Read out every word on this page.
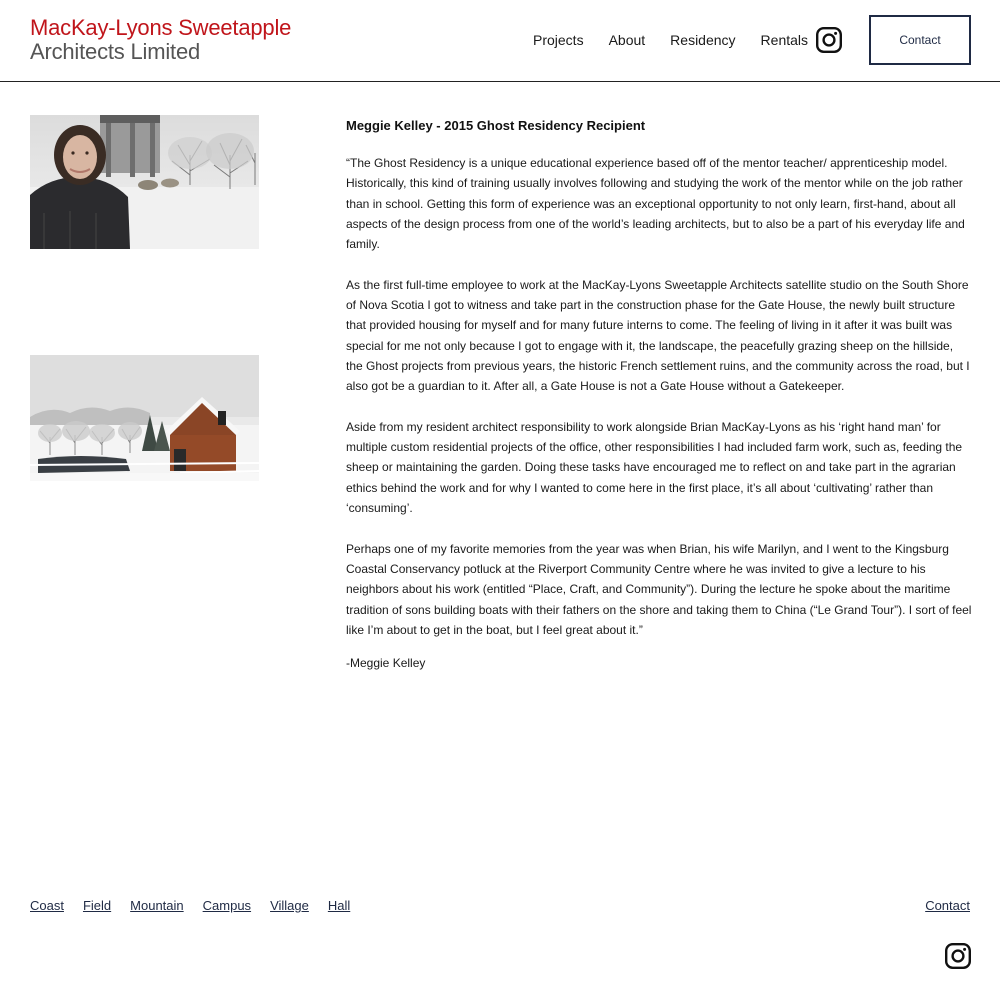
MacKay-Lyons Sweetapple
Architects Limited	Projects About Residency Rentals	Contact
Meggie Kelley - 2015 Ghost Residency Recipient

“The Ghost Residency is a unique educational experience based off of the mentor teacher/ apprenticeship model. Historically, this kind of training usually involves following and studying the work of the mentor while on the job rather than in school. Getting this form of experience was an exceptional opportunity to not only learn, first-hand, about all aspects of the design process from one of the world’s leading architects, but to also be a part of his everyday life and family.

As the first full-time employee to work at the MacKay-Lyons Sweetapple Architects satellite studio on the South Shore of Nova Scotia I got to witness and take part in the construction phase for the Gate House, the newly built structure that provided housing for myself and for many future interns to come. The feeling of living in it after it was built was special for me not only because I got to engage with it, the landscape, the peacefully grazing sheep on the hillside, the Ghost projects from previous years, the historic French settlement ruins, and the community across the road, but I also got be a guardian to it. After all, a Gate House is not a Gate House without a Gatekeeper.

Aside from my resident architect responsibility to work alongside Brian MacKay-Lyons as his ‘right hand man’ for multiple custom residential projects of the office, other responsibilities I had included farm work, such as, feeding the sheep or maintaining the garden. Doing these tasks have encouraged me to reflect on and take part in the agrarian ethics behind the work and for why I wanted to come here in the first place, it’s all about ‘cultivating’ rather than ‘consuming’.

Perhaps one of my favorite memories from the year was when Brian, his wife Marilyn, and I went to the Kingsburg Coastal Conservancy potluck at the Riverport Community Centre where he was invited to give a lecture to his neighbors about his work (entitled “Place, Craft, and Community”). During the lecture he spoke about the maritime tradition of sons building boats with their fathers on the shore and taking them to China (“Le Grand Tour”). I sort of feel like I’m about to get in the boat, but I feel great about it.”

-Meggie Kelley

Coast Field Mountain Campus Village Hall	Contact
